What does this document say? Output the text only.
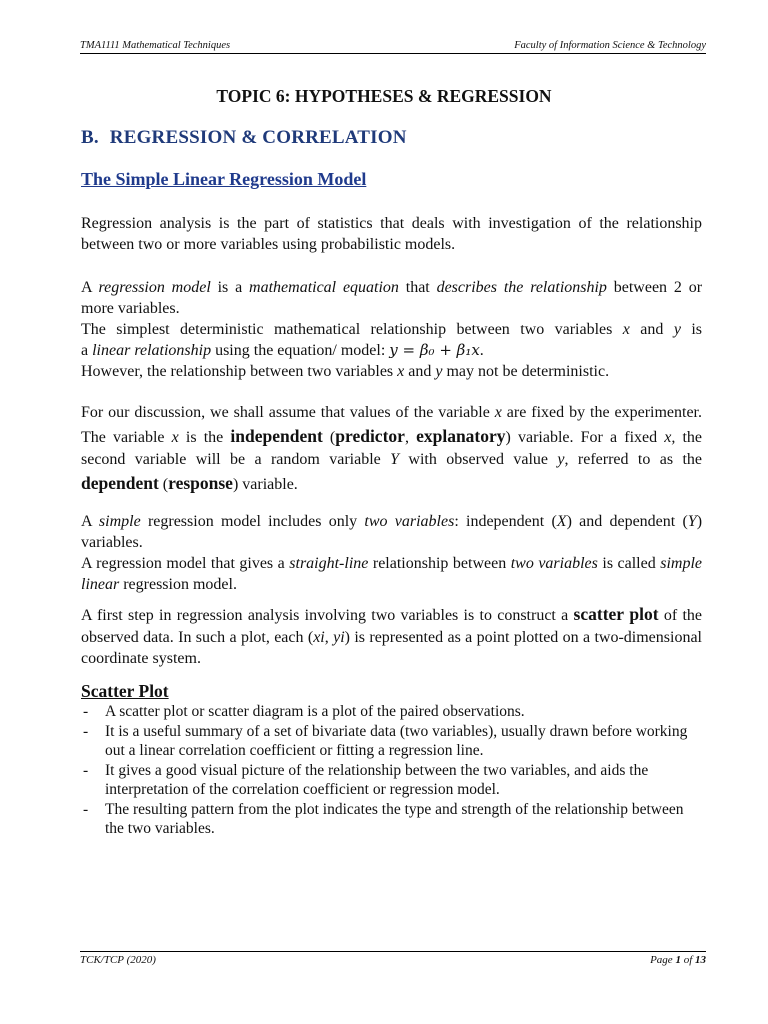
TMA1111 Mathematical Techniques	Faculty of Information Science & Technology
TOPIC 6: HYPOTHESES & REGRESSION
B. REGRESSION & CORRELATION
The Simple Linear Regression Model
Regression analysis is the part of statistics that deals with investigation of the relationship between two or more variables using probabilistic models.
A regression model is a mathematical equation that describes the relationship between 2 or more variables.
The simplest deterministic mathematical relationship between two variables x and y is
a linear relationship using the equation/ model: y = β₀ + β₁x.
However, the relationship between two variables x and y may not be deterministic.
For our discussion, we shall assume that values of the variable x are fixed by the experimenter. The variable x is the independent (predictor, explanatory) variable. For a fixed x, the second variable will be a random variable Y with observed value y, referred to as the dependent (response) variable.
A simple regression model includes only two variables: independent (X) and dependent (Y) variables.
A regression model that gives a straight-line relationship between two variables is called simple linear regression model.
A first step in regression analysis involving two variables is to construct a scatter plot of the observed data. In such a plot, each (xi, yi) is represented as a point plotted on a two-dimensional coordinate system.
Scatter Plot
- A scatter plot or scatter diagram is a plot of the paired observations.
- It is a useful summary of a set of bivariate data (two variables), usually drawn before working out a linear correlation coefficient or fitting a regression line.
- It gives a good visual picture of the relationship between the two variables, and aids the interpretation of the correlation coefficient or regression model.
- The resulting pattern from the plot indicates the type and strength of the relationship between the two variables.
TCK/TCP (2020)	Page 1 of 13
